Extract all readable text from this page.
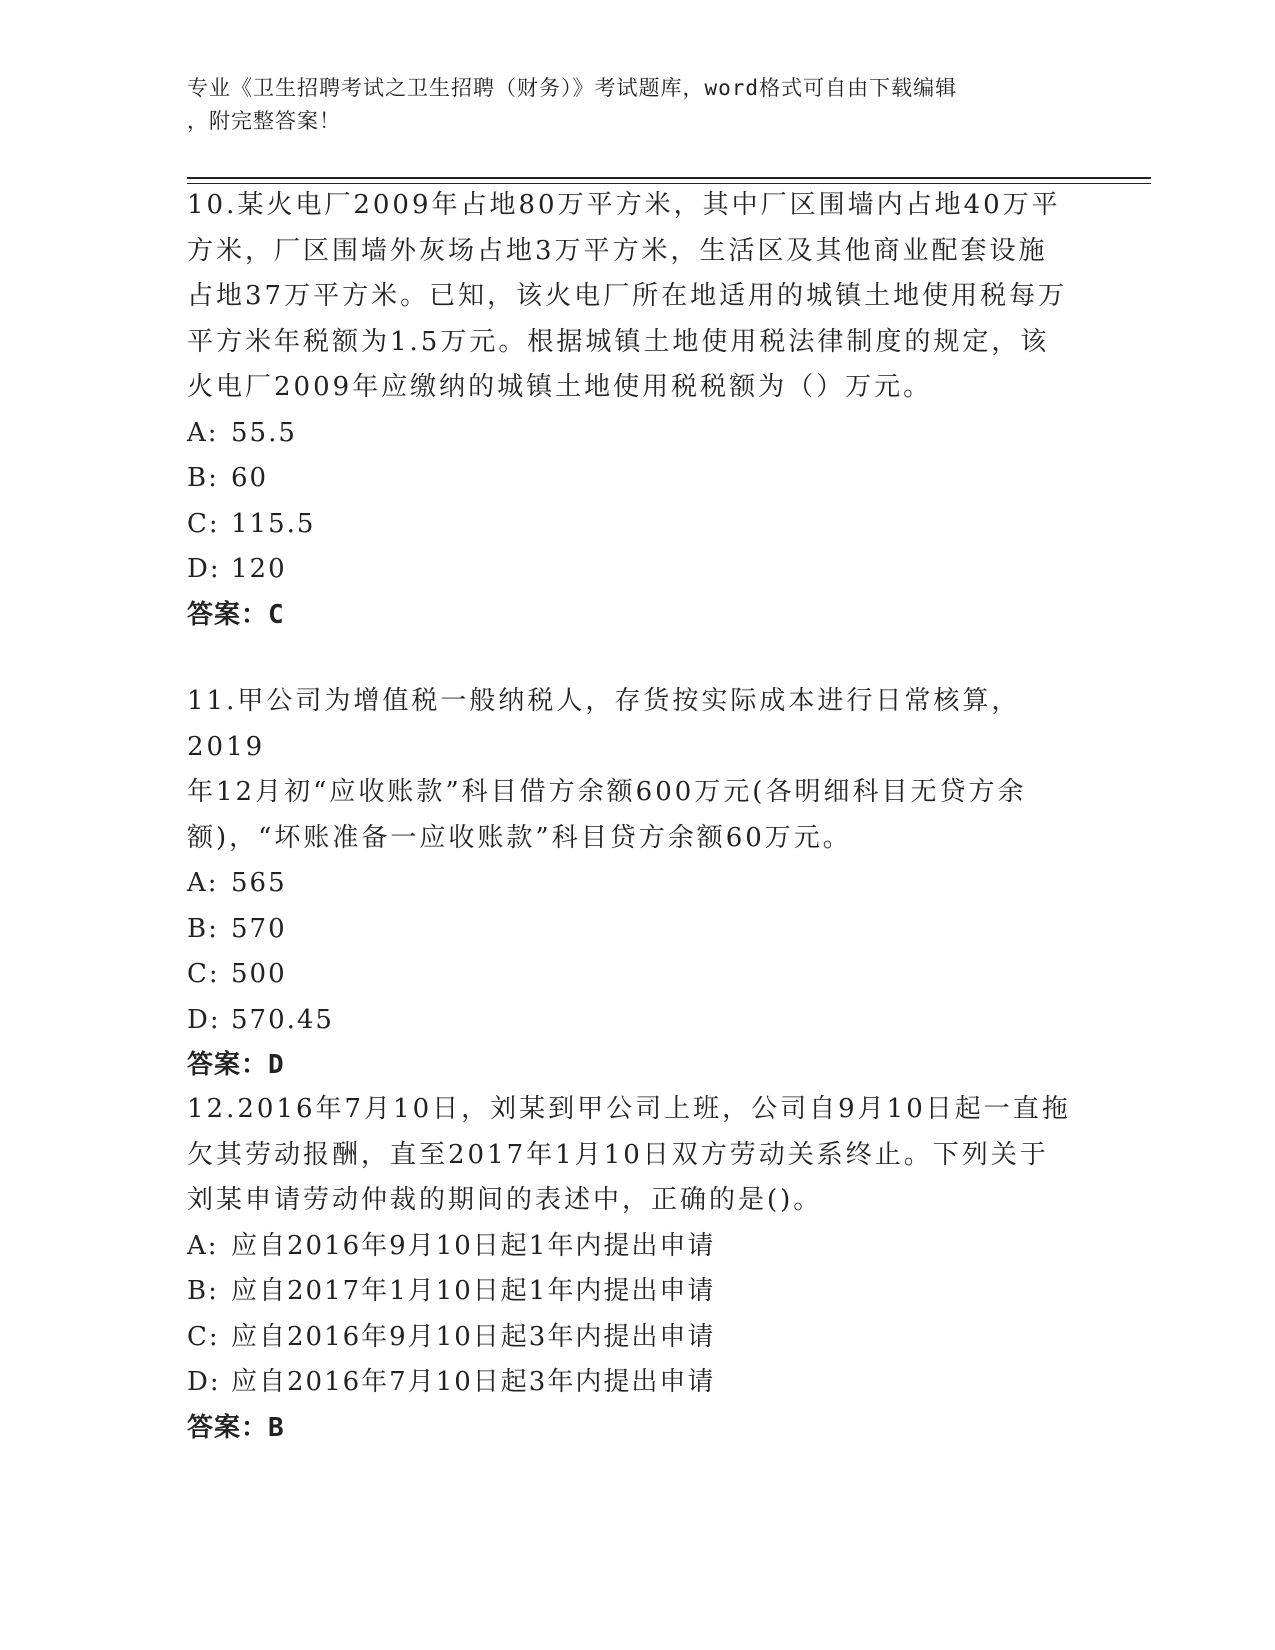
专业《卫生招聘考试之卫生招聘（财务）》考试题库，word格式可自由下载编辑
，附完整答案！
10.某火电厂2009年占地80万平方米，其中厂区围墙内占地40万平
方米，厂区围墙外灰场占地3万平方米，生活区及其他商业配套设施
占地37万平方米。已知，该火电厂所在地适用的城镇土地使用税每万
平方米年税额为1.5万元。根据城镇土地使用税法律制度的规定，该
火电厂2009年应缴纳的城镇土地使用税税额为（）万元。
A: 55.5
B: 60
C: 115.5
D: 120
答案：C
11.甲公司为增值税一般纳税人，存货按实际成本进行日常核算，2019
年12月初“应收账款”科目借方余额600万元(各明细科目无贷方余
额)，“坏账准备一应收账款”科目贷方余额60万元。
A: 565
B: 570
C: 500
D: 570.45
答案：D
12.2016年7月10日，刘某到甲公司上班，公司自9月10日起一直拖
欠其劳动报酬，直至2017年1月10日双方劳动关系终止。下列关于
刘某申请劳动仲裁的期间的表述中，正确的是()。
A: 应自2016年9月10日起1年内提出申请
B: 应自2017年1月10日起1年内提出申请
C: 应自2016年9月10日起3年内提出申请
D: 应自2016年7月10日起3年内提出申请
答案：B
